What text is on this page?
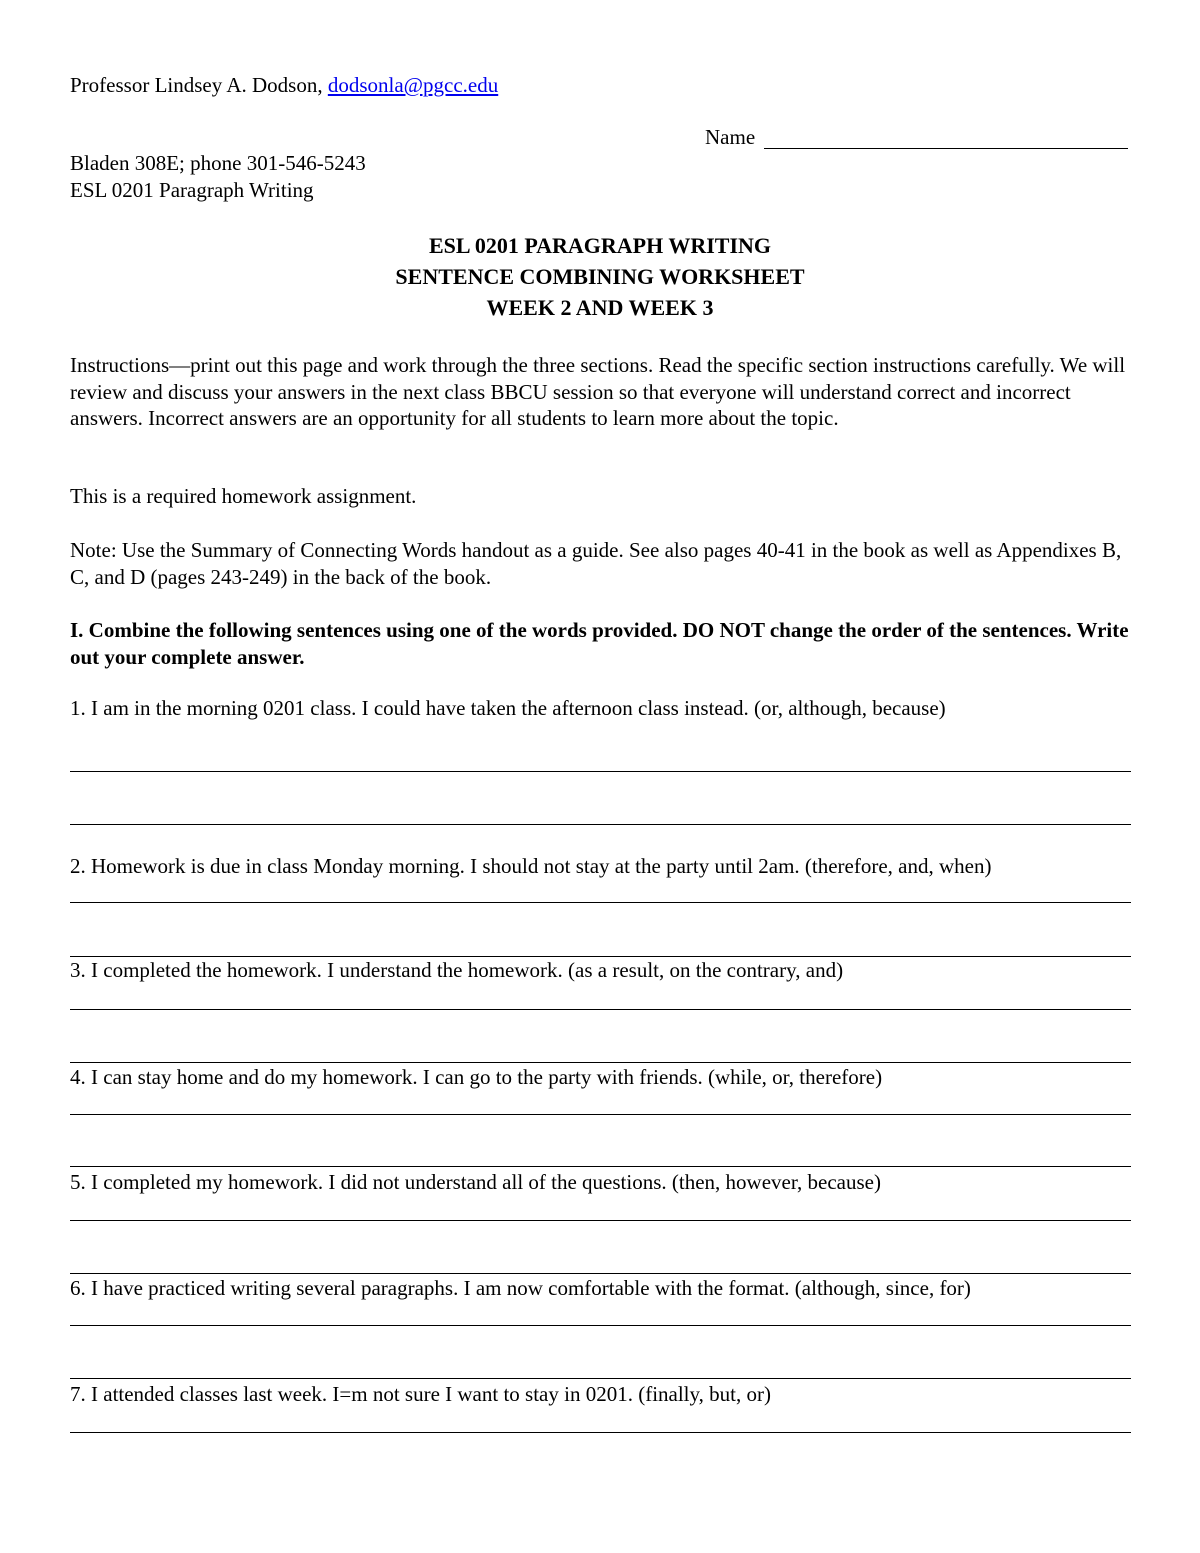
Professor Lindsey A. Dodson, dodsonla@pgcc.edu
Name
Bladen 308E; phone 301-546-5243
ESL 0201 Paragraph Writing
ESL 0201 PARAGRAPH WRITING
SENTENCE COMBINING WORKSHEET
WEEK 2 AND WEEK 3
Instructions—print out this page and work through the three sections. Read the specific section instructions carefully. We will review and discuss your answers in the next class BBCU session so that everyone will understand correct and incorrect answers. Incorrect answers are an opportunity for all students to learn more about the topic.
This is a required homework assignment.
Note: Use the Summary of Connecting Words handout as a guide. See also pages 40-41 in the book as well as Appendixes B, C, and D (pages 243-249) in the back of the book.
I. Combine the following sentences using one of the words provided. DO NOT change the order of the sentences. Write out your complete answer.
1. I am in the morning 0201 class. I could have taken the afternoon class instead. (or, although, because)
2. Homework is due in class Monday morning. I should not stay at the party until 2am. (therefore, and, when)
3. I completed the homework. I understand the homework. (as a result, on the contrary, and)
4. I can stay home and do my homework. I can go to the party with friends. (while, or, therefore)
5. I completed my homework. I did not understand all of the questions. (then, however, because)
6. I have practiced writing several paragraphs. I am now comfortable with the format. (although, since, for)
7. I attended classes last week. I=m not sure I want to stay in 0201. (finally, but, or)
